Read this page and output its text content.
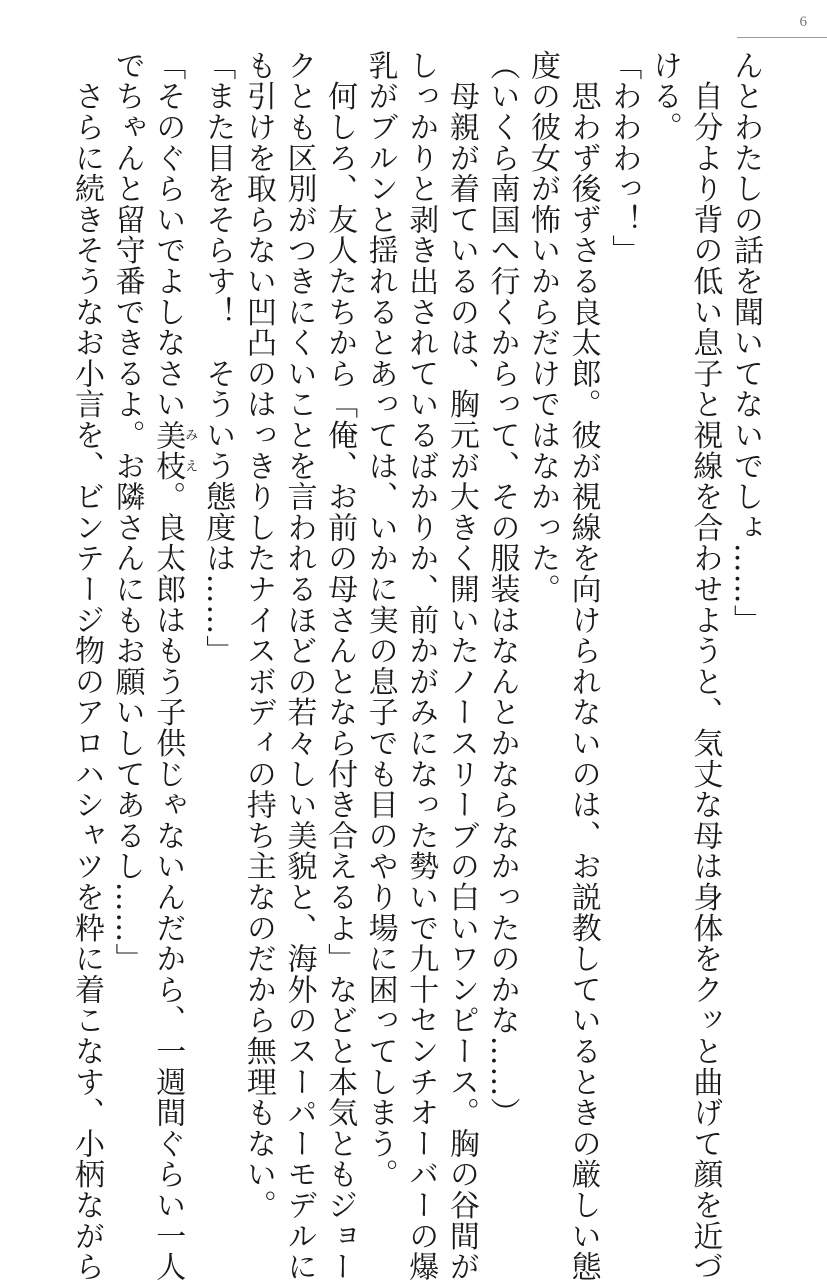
6
んとわたしの話を聞いてないでしょ……」
　自分より背の低い息子と視線を合わせようと、気丈な母は身体をクッと曲げて顔を近づ
ける。
「わわわっ！」
　思わず後ずさる良太郎。彼が視線を向けられないのは、お説教しているときの厳しい態
度の彼女が怖いからだけではなかった。
（いくら南国へ行くからって、その服装はなんとかならなかったのかな……）
　母親が着ているのは、胸元が大きく開いたノースリーブの白いワンピース。胸の谷間が
しっかりと剥き出されているばかりか、前かがみになった勢いで九十センチオーバーの爆
乳がブルンと揺れるとあっては、いかに実の息子でも目のやり場に困ってしまう。
　何しろ、友人たちから「俺、お前の母さんとなら付き合えるよ」などと本気ともジョー
クとも区別がつきにくいことを言われるほどの若々しい美貌と、海外のスーパーモデルに
も引けを取らない凹凸のはっきりしたナイスボディの持ち主なのだから無理もない。
「また目をそらす！　そういう態度は……」
「そのぐらいでよしなさい美枝みえ。良太郎はもう子供じゃないんだから、一週間ぐらい一人
でちゃんと留守番できるよ。お隣さんにもお願いしてあるし……」
　さらに続きそうなお小言を、ビンテージ物のアロハシャツを粋に着こなす、小柄ながら
